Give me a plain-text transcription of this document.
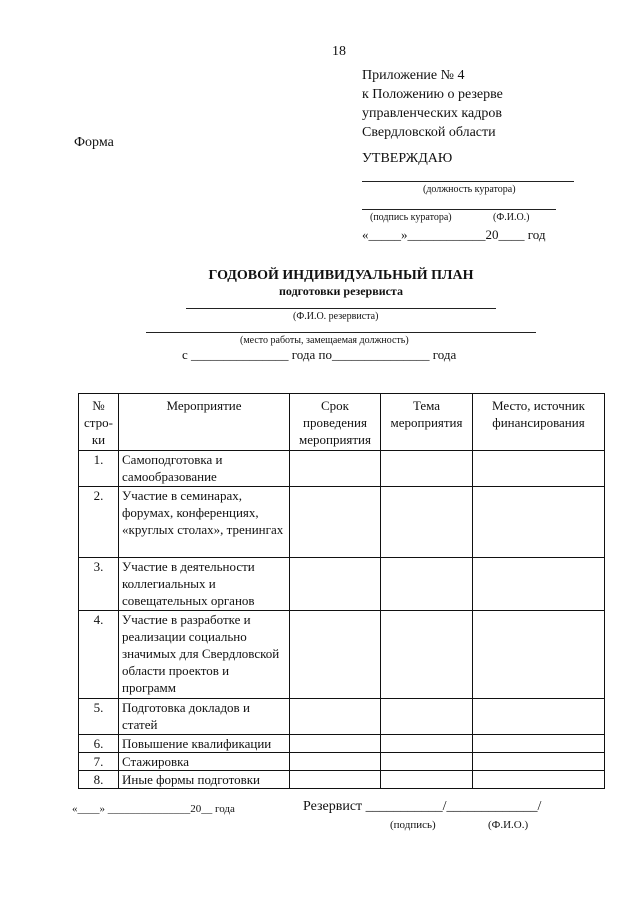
18
Приложение № 4
к Положению о резерве
управленческих кадров
Свердловской области
Форма
УТВЕРЖДАЮ
(должность куратора)
(подпись куратора)	(Ф.И.О.)
«_____»____________20____ год
ГОДОВОЙ ИНДИВИДУАЛЬНЫЙ ПЛАН
подготовки резервиста
(Ф.И.О. резервиста)
(место работы, замещаемая должность)
с _______________ года по_______________ года
№ стро-ки	Мероприятие	Срок проведения мероприятия	Тема мероприятия	Место, источник финансирования
1.	Самоподготовка и самообразование			
2.	Участие в семинарах, форумах, конференциях, «круглых столах», тренингах			
3.	Участие в деятельности коллегиальных и совещательных органов			
4.	Участие в разработке и реализации социально значимых для Свердловской области проектов и программ			
5.	Подготовка докладов и статей			
6.	Повышение квалификации			
7.	Стажировка			
8.	Иные формы подготовки			
«____» _______________20__ года	Резервист ___________/_____________/
(подпись)	(Ф.И.О.)
